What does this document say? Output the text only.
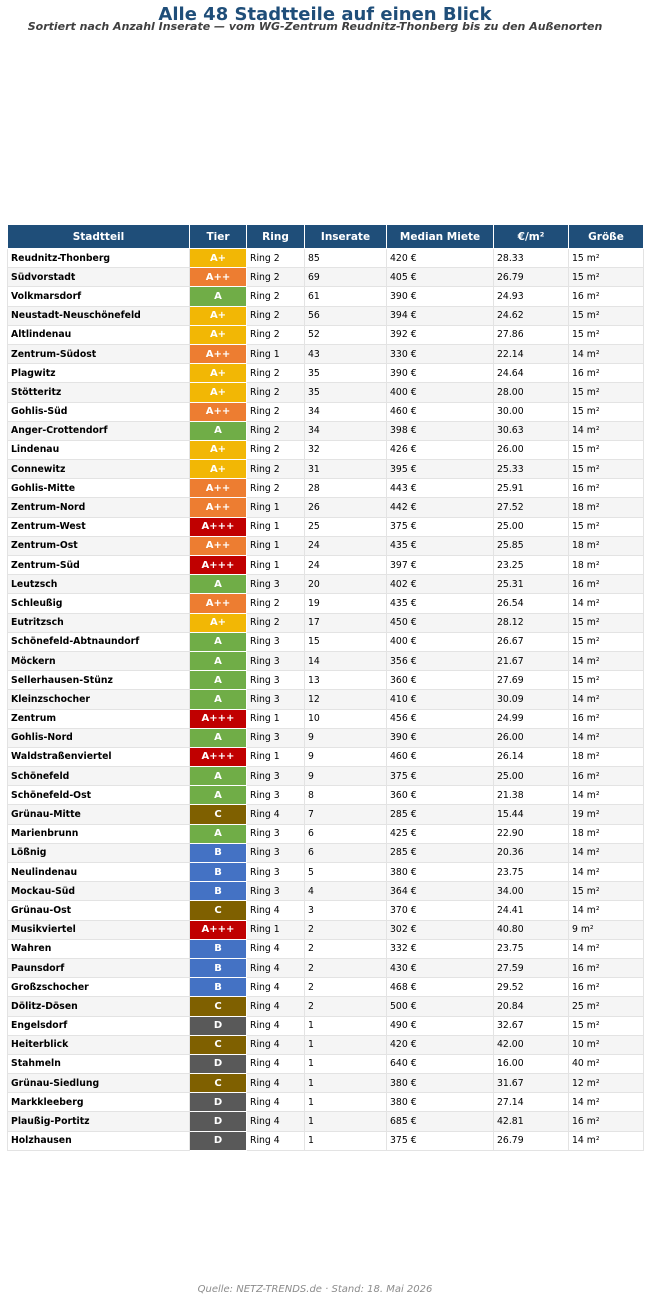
Alle 48 Stadtteile auf einen Blick
Sortiert nach Anzahl Inserate — vom WG-Zentrum Reudnitz-Thonberg bis zu den Außenorten
Stadtteil	Tier	Ring	Inserate	Median Miete	€/m²	Größe
Reudnitz-Thonberg	A+	Ring 2	85	420 €	28.33	15 m²
Südvorstadt	A++	Ring 2	69	405 €	26.79	15 m²
Volkmarsdorf	A	Ring 2	61	390 €	24.93	16 m²
Neustadt-Neuschönefeld	A+	Ring 2	56	394 €	24.62	15 m²
Altlindenau	A+	Ring 2	52	392 €	27.86	15 m²
Zentrum-Südost	A++	Ring 1	43	330 €	22.14	14 m²
Plagwitz	A+	Ring 2	35	390 €	24.64	16 m²
Stötteritz	A+	Ring 2	35	400 €	28.00	15 m²
Gohlis-Süd	A++	Ring 2	34	460 €	30.00	15 m²
Anger-Crottendorf	A	Ring 2	34	398 €	30.63	14 m²
Lindenau	A+	Ring 2	32	426 €	26.00	15 m²
Connewitz	A+	Ring 2	31	395 €	25.33	15 m²
Gohlis-Mitte	A++	Ring 2	28	443 €	25.91	16 m²
Zentrum-Nord	A++	Ring 1	26	442 €	27.52	18 m²
Zentrum-West	A+++	Ring 1	25	375 €	25.00	15 m²
Zentrum-Ost	A++	Ring 1	24	435 €	25.85	18 m²
Zentrum-Süd	A+++	Ring 1	24	397 €	23.25	18 m²
Leutzsch	A	Ring 3	20	402 €	25.31	16 m²
Schleußig	A++	Ring 2	19	435 €	26.54	14 m²
Eutritzsch	A+	Ring 2	17	450 €	28.12	15 m²
Schönefeld-Abtnaundorf	A	Ring 3	15	400 €	26.67	15 m²
Möckern	A	Ring 3	14	356 €	21.67	14 m²
Sellerhausen-Stünz	A	Ring 3	13	360 €	27.69	15 m²
Kleinzschocher	A	Ring 3	12	410 €	30.09	14 m²
Zentrum	A+++	Ring 1	10	456 €	24.99	16 m²
Gohlis-Nord	A	Ring 3	9	390 €	26.00	14 m²
Waldstraßenviertel	A+++	Ring 1	9	460 €	26.14	18 m²
Schönefeld	A	Ring 3	9	375 €	25.00	16 m²
Schönefeld-Ost	A	Ring 3	8	360 €	21.38	14 m²
Grünau-Mitte	C	Ring 4	7	285 €	15.44	19 m²
Marienbrunn	A	Ring 3	6	425 €	22.90	18 m²
Lößnig	B	Ring 3	6	285 €	20.36	14 m²
Neulindenau	B	Ring 3	5	380 €	23.75	14 m²
Mockau-Süd	B	Ring 3	4	364 €	34.00	15 m²
Grünau-Ost	C	Ring 4	3	370 €	24.41	14 m²
Musikviertel	A+++	Ring 1	2	302 €	40.80	9 m²
Wahren	B	Ring 4	2	332 €	23.75	14 m²
Paunsdorf	B	Ring 4	2	430 €	27.59	16 m²
Großzschocher	B	Ring 4	2	468 €	29.52	16 m²
Dölitz-Dösen	C	Ring 4	2	500 €	20.84	25 m²
Engelsdorf	D	Ring 4	1	490 €	32.67	15 m²
Heiterblick	C	Ring 4	1	420 €	42.00	10 m²
Stahmeln	D	Ring 4	1	640 €	16.00	40 m²
Grünau-Siedlung	C	Ring 4	1	380 €	31.67	12 m²
Markkleeberg	D	Ring 4	1	380 €	27.14	14 m²
Plaußig-Portitz	D	Ring 4	1	685 €	42.81	16 m²
Holzhausen	D	Ring 4	1	375 €	26.79	14 m²
Quelle: NETZ-TRENDS.de · Stand: 18. Mai 2026
